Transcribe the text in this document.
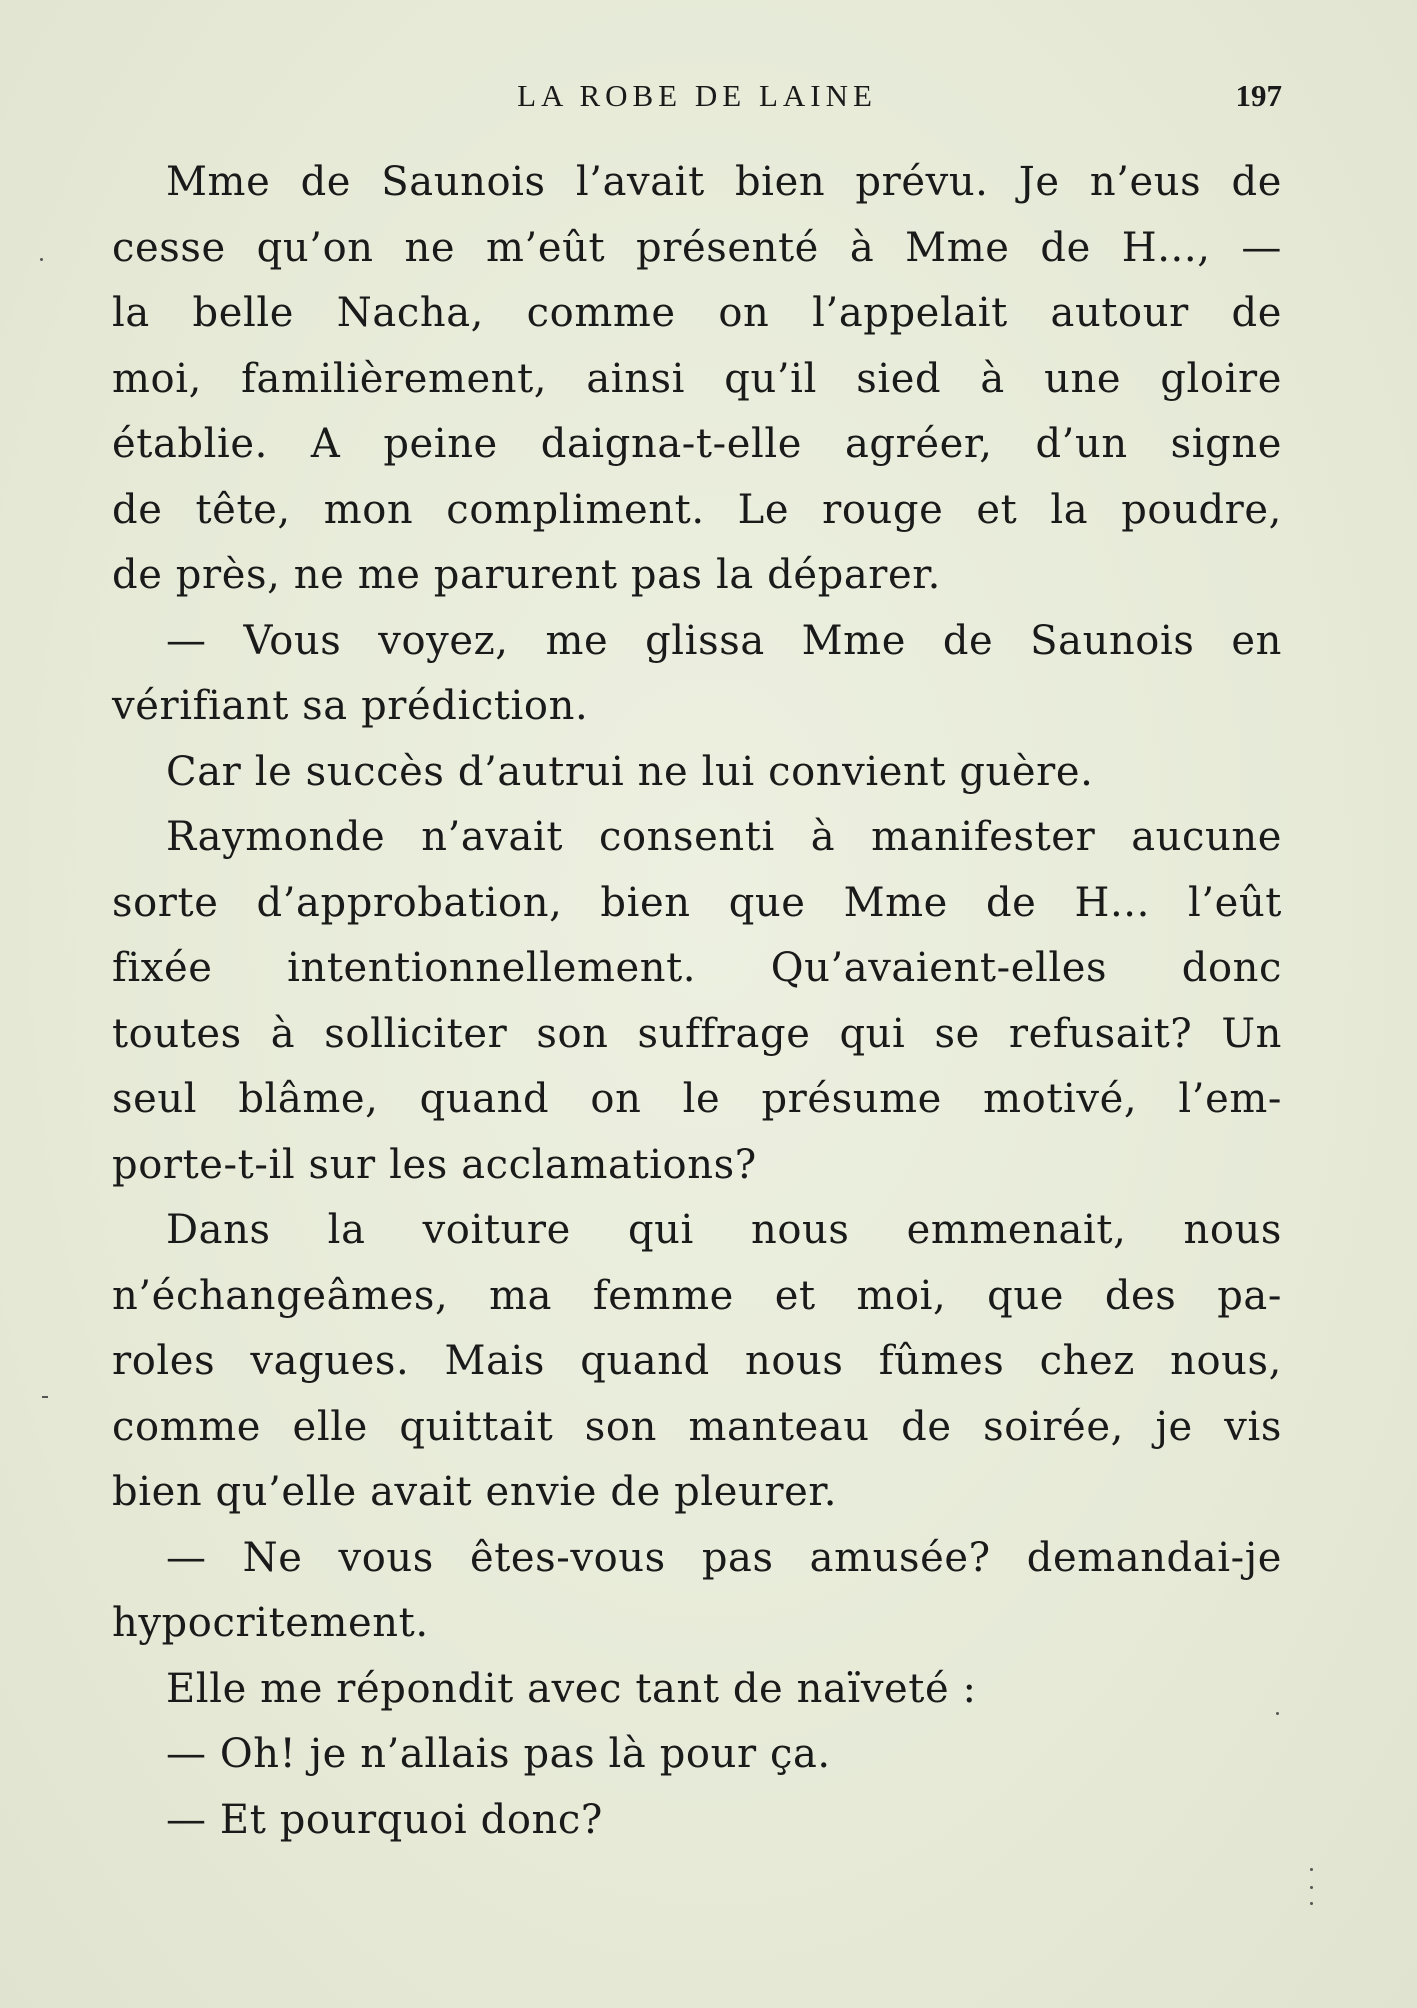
LA ROBE DE LAINE	197
Mme de Saunois l’avait bien prévu. Je n’eus de
cesse qu’on ne m’eût présenté à Mme de H..., —
la belle Nacha, comme on l’appelait autour de
moi, familièrement, ainsi qu’il sied à une gloire
établie. A peine daigna-t-elle agréer, d’un signe
de tête, mon compliment. Le rouge et la poudre,
de près, ne me parurent pas la déparer.
— Vous voyez, me glissa Mme de Saunois en
vérifiant sa prédiction.
Car le succès d’autrui ne lui convient guère.
Raymonde n’avait consenti à manifester aucune
sorte d’approbation, bien que Mme de H... l’eût
fixée intentionnellement. Qu’avaient-elles donc
toutes à solliciter son suffrage qui se refusait? Un
seul blâme, quand on le présume motivé, l’em-
porte-t-il sur les acclamations?
Dans la voiture qui nous emmenait, nous
n’échangeâmes, ma femme et moi, que des pa-
roles vagues. Mais quand nous fûmes chez nous,
comme elle quittait son manteau de soirée, je vis
bien qu’elle avait envie de pleurer.
— Ne vous êtes-vous pas amusée? demandai-je
hypocritement.
Elle me répondit avec tant de naïveté :
— Oh! je n’allais pas là pour ça.
— Et pourquoi donc?
